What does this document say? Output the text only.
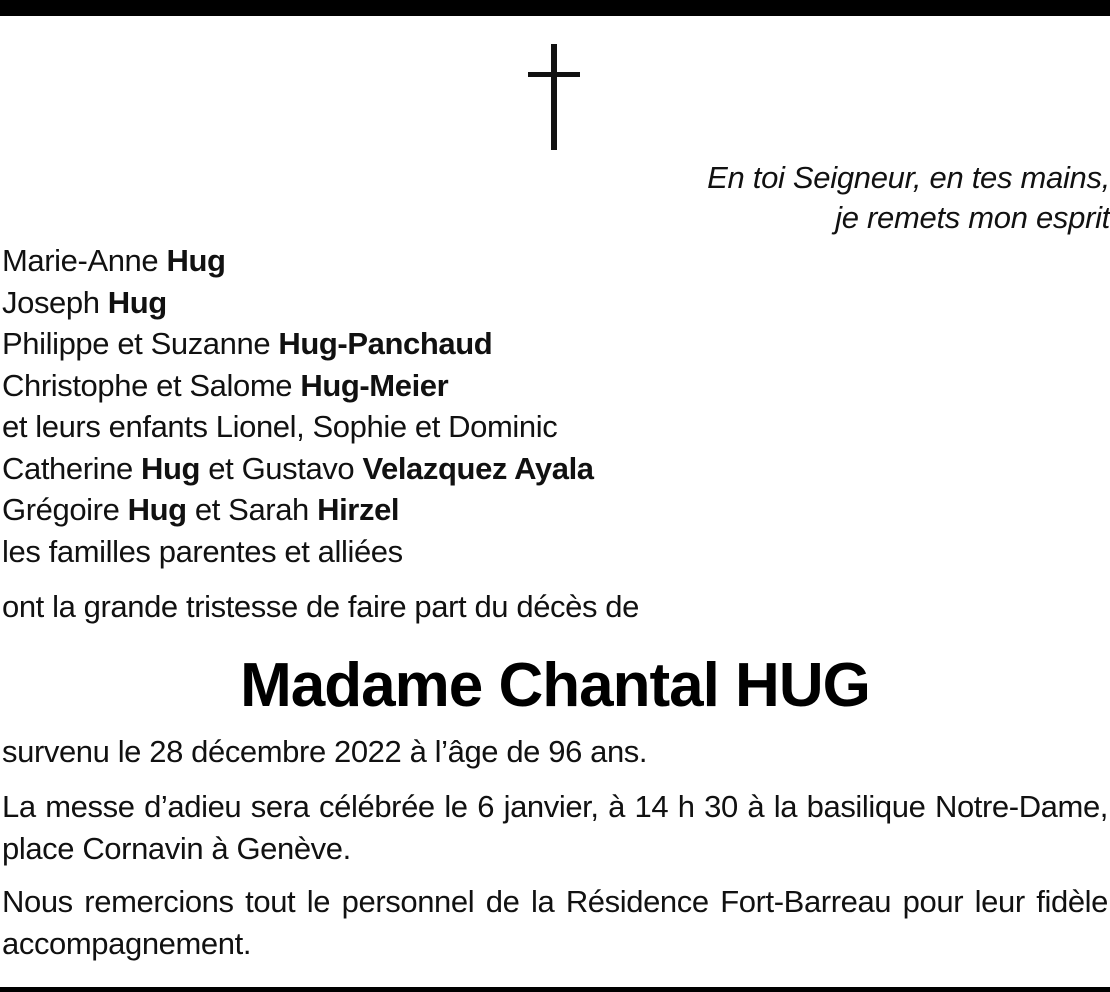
En toi Seigneur, en tes mains,
je remets mon esprit
Marie-Anne Hug
Joseph Hug
Philippe et Suzanne Hug-Panchaud
Christophe et Salome Hug-Meier
et leurs enfants Lionel, Sophie et Dominic
Catherine Hug et Gustavo Velazquez Ayala
Grégoire Hug et Sarah Hirzel
les familles parentes et alliées
ont la grande tristesse de faire part du décès de
Madame Chantal HUG
survenu le 28 décembre 2022 à l’âge de 96 ans.
La messe d’adieu sera célébrée le 6 janvier, à 14 h 30 à la basilique Notre-Dame, place Cornavin à Genève.
Nous remercions tout le personnel de la Résidence Fort-Barreau pour leur fidèle accompagnement.
